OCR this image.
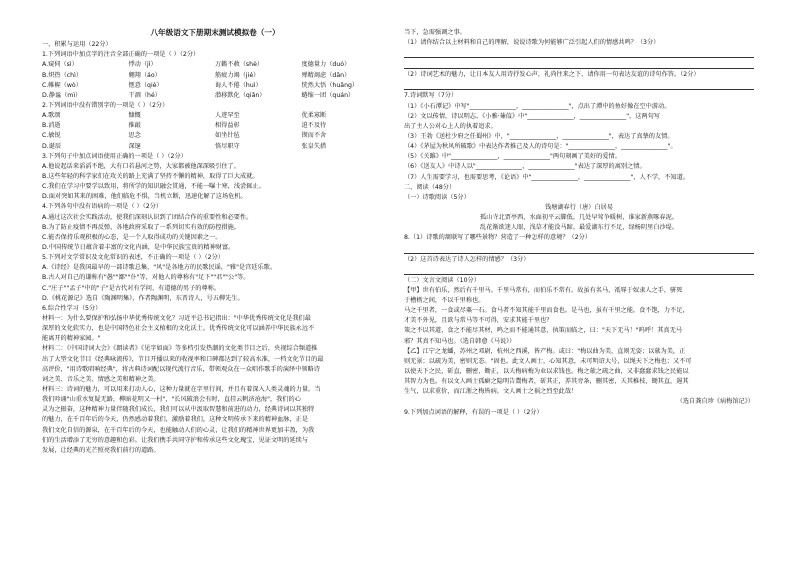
八年级语文下册期末测试模拟卷（一）
一、积累与运用（22分）
1.下列词语中加点字的注音全部正确的一项是（ ）（2分）
A.窥伺（sì）	悸动（jì）	万籁不赦（shè）	度德量力（duó）
B.炽热（chì）	翱翔（áo）	筋疲力竭（jié）	殚精竭虑（dān）
C.帷幄（wò）	惬意（qiè）	诲人不倦（huì）	恍然大悟（huǎng）
D.静谧（mì）	干涸（hé）	潜移默化（qiǎn）	蜷缩一团（quán）
2.下列词语中没有错别字的一项是（ ）（2分）
A.歌颂	慷慨	人迹罕至	优柔寡断
B.消逝	推敲	相得益彰	迫不及待
C.敏锐	思念	如坐针毡	锲而不舍
D.诞辰	深邃	恪尽职守	张皇失措
3.下列句子中加点词语使用正确的一项是（ ）（2分）
A.他说起话来滔滔不绝，大有口若悬河之势，大家都被他深深吸引住了。
B.这些年轻的科学家们在攻关的路上充满了坚持不懈的精神，取得了巨大成就。
C.我们在学习中要学以致用，将所学的知识融会贯通，不能一曝十寒，浅尝辄止。
D.面对突如其来的困难，他们临危不惧，当机立断，迅速化解了这场危机。
4.下列各句中没有语病的一项是（ ）（2分）
A.通过这次社会实践活动，使我们深刻认识到了团结合作的重要性和必要性。
B.为了防止疫情不再反弹，各地政府采取了一系列切实有效的防控措施。
C.能否保持乐观积极的心态，是一个人取得成功的关键因素之一。
D.中国传统节日蕴含着丰富的文化内涵，是中华民族宝贵的精神财富。
5.下列对文学常识及文化常识的表述，不正确的一项是（ ）（2分）
A.《诗经》是我国最早的一部诗歌总集，"风"是各地方的民歌民谣，"雅"是宫廷乐歌。
B.古人对自己的谦称有"愚""鄙""仆"等，对他人的尊称有"足下""君""公"等。
C."庄子""孟子"中的"子"是古代对有学问、有道德的男子的尊称。
D.《桃花源记》选自《陶渊明集》，作者陶渊明，东晋诗人，号五柳先生。
6.综合性学习（5分）
材料一：为什么要保护和弘扬中华优秀传统文化？习近平总书记指出："中华优秀传统文化是我们最
深厚的文化软实力，也是中国特色社会主义植根的文化沃土。优秀传统文化可以涵养中华民族永远不
能离开的精神家园。"
材料二：《中国诗词大会》《朗读者》《见字如面》等多档引发热潮的文化类节目之后，央视综合频道推
出了大型文化节目《经典咏流传》，节目开播以来的收视率和口碑都达到了较高水准，一档文化节目的最
高评价，"用诗歌唱响经典"，将古典诗词配以现代流行音乐，带领观众在一众唱作歌手的演绎中领略诗
词之美、音乐之美、情感之美和精神之美。
材料三：诗词的魅力，可以用来打动人心，这种力量就在字里行间，并且有着深入人类灵魂的力量。当
我们吟诵"山重水复疑无路，柳暗花明又一村"，"长风破浪会有时，直挂云帆济沧海"，我们的心
灵为之振奋，这种精神力量伴随我们成长，我们可以从中汲取智慧和前进的动力，经典诗词以其独特
的魅力，在千百年后的今天，仍然感动着我们，激励着我们，这种文明传承下来的精神血脉，正是
我们文化自信的源泉，在千百年后的今天，也能触动人们的心灵，让我们的精神世界更加丰盈，为我
们的生活增添了无穷的意趣和色彩。让我们携手共同守护和传承这些文化瑰宝，见证文明的延续与
发展，让经典的光芒照亮我们前行的道路。
当下，急需强调之事。
（1）请你结合以上材料和自己的理解，说说诗歌为何能够广泛引起人们的情感共鸣？（3分）
（2）诗词艺术的魅力，让日本友人用诗抒发心声，礼尚往来之下，请你用一句表达友谊的诗句作答。（2分）
7.诗词默写（7分）
（1）《小石潭记》中写"_______________，_______________"，点出了潭中的鱼好像在空中游动。
（2）文以传情，诗以明志。《小雅·蒹葭》中"_______________，_______________"，这两句写
出了主人公对心上人的执着追求。
（3）王勃《送杜少府之任蜀州》中，"_______________，_______________"，表达了真挚的友情。
（4）《茅屋为秋风所破歌》中表达作者推己及人的诗句是："_______________，_______________"。
（5）《关雎》中"_______________，_______________"两句刻画了美好的爱情。
（6）《送友人》中诗人以"_______________，_______________"表达了深厚的离别之情。
（7）人生需要学习，也需要思考，《论语》中"_______________，_______________"，人不学，不知道。
二、阅读（48分）
（一）诗歌阅读（5分）
钱塘湖春行（唐）白居易
孤山寺北贾亭西，水面初平云脚低。几处早莺争暖树，谁家新燕啄春泥。
乱花渐欲迷人眼，浅草才能没马蹄。最爱湖东行不足，绿杨阴里白沙堤。
8.（1）诗歌的颔联写了哪些景物？营造了一种怎样的意境？（2分）
（2）这首诗表达了诗人怎样的情感？（3分）
（二）文言文阅读（10分）
【甲】世有伯乐，然后有千里马。千里马常有，而伯乐不常有。故虽有名马，祗辱于奴隶人之手，骈死
于槽枥之间，不以千里称也。
马之千里者，一食或尽粟一石。食马者不知其能千里而食也。是马也，虽有千里之能，食不饱，力不足，
才美不外见，且欲与常马等不可得，安求其能千里也？
策之不以其道，食之不能尽其材，鸣之而不能通其意，执策而临之，曰："天下无马！"呜呼！其真无马
邪？其真不知马也。（选自韩愈《马说》）
【乙】江宁之龙蟠，苏州之邓尉，杭州之西溪，皆产梅。或曰："梅以曲为美，直则无姿；以欹为美，正
则无景；以疏为美，密则无态。"固也。此文人画士，心知其意，未可明诏大号，以绳天下之梅也；又不可
以使天下之民，斫直，删密，锄正，以夭梅病梅为业以求钱也。梅之欹之疏之曲，又非蠢蠢求钱之民能以
其智力为也。有以文人画士孤癖之隐明告鬻梅者，斫其正，养其旁条，删其密，夭其稚枝，锄其直，遏其
生气，以求重价，而江浙之梅皆病。文人画士之祸之烈至此哉！
（选自龚自珍《病梅馆记》）
9.下列加点词语的解释，有误的一项是（ ）（2分）
